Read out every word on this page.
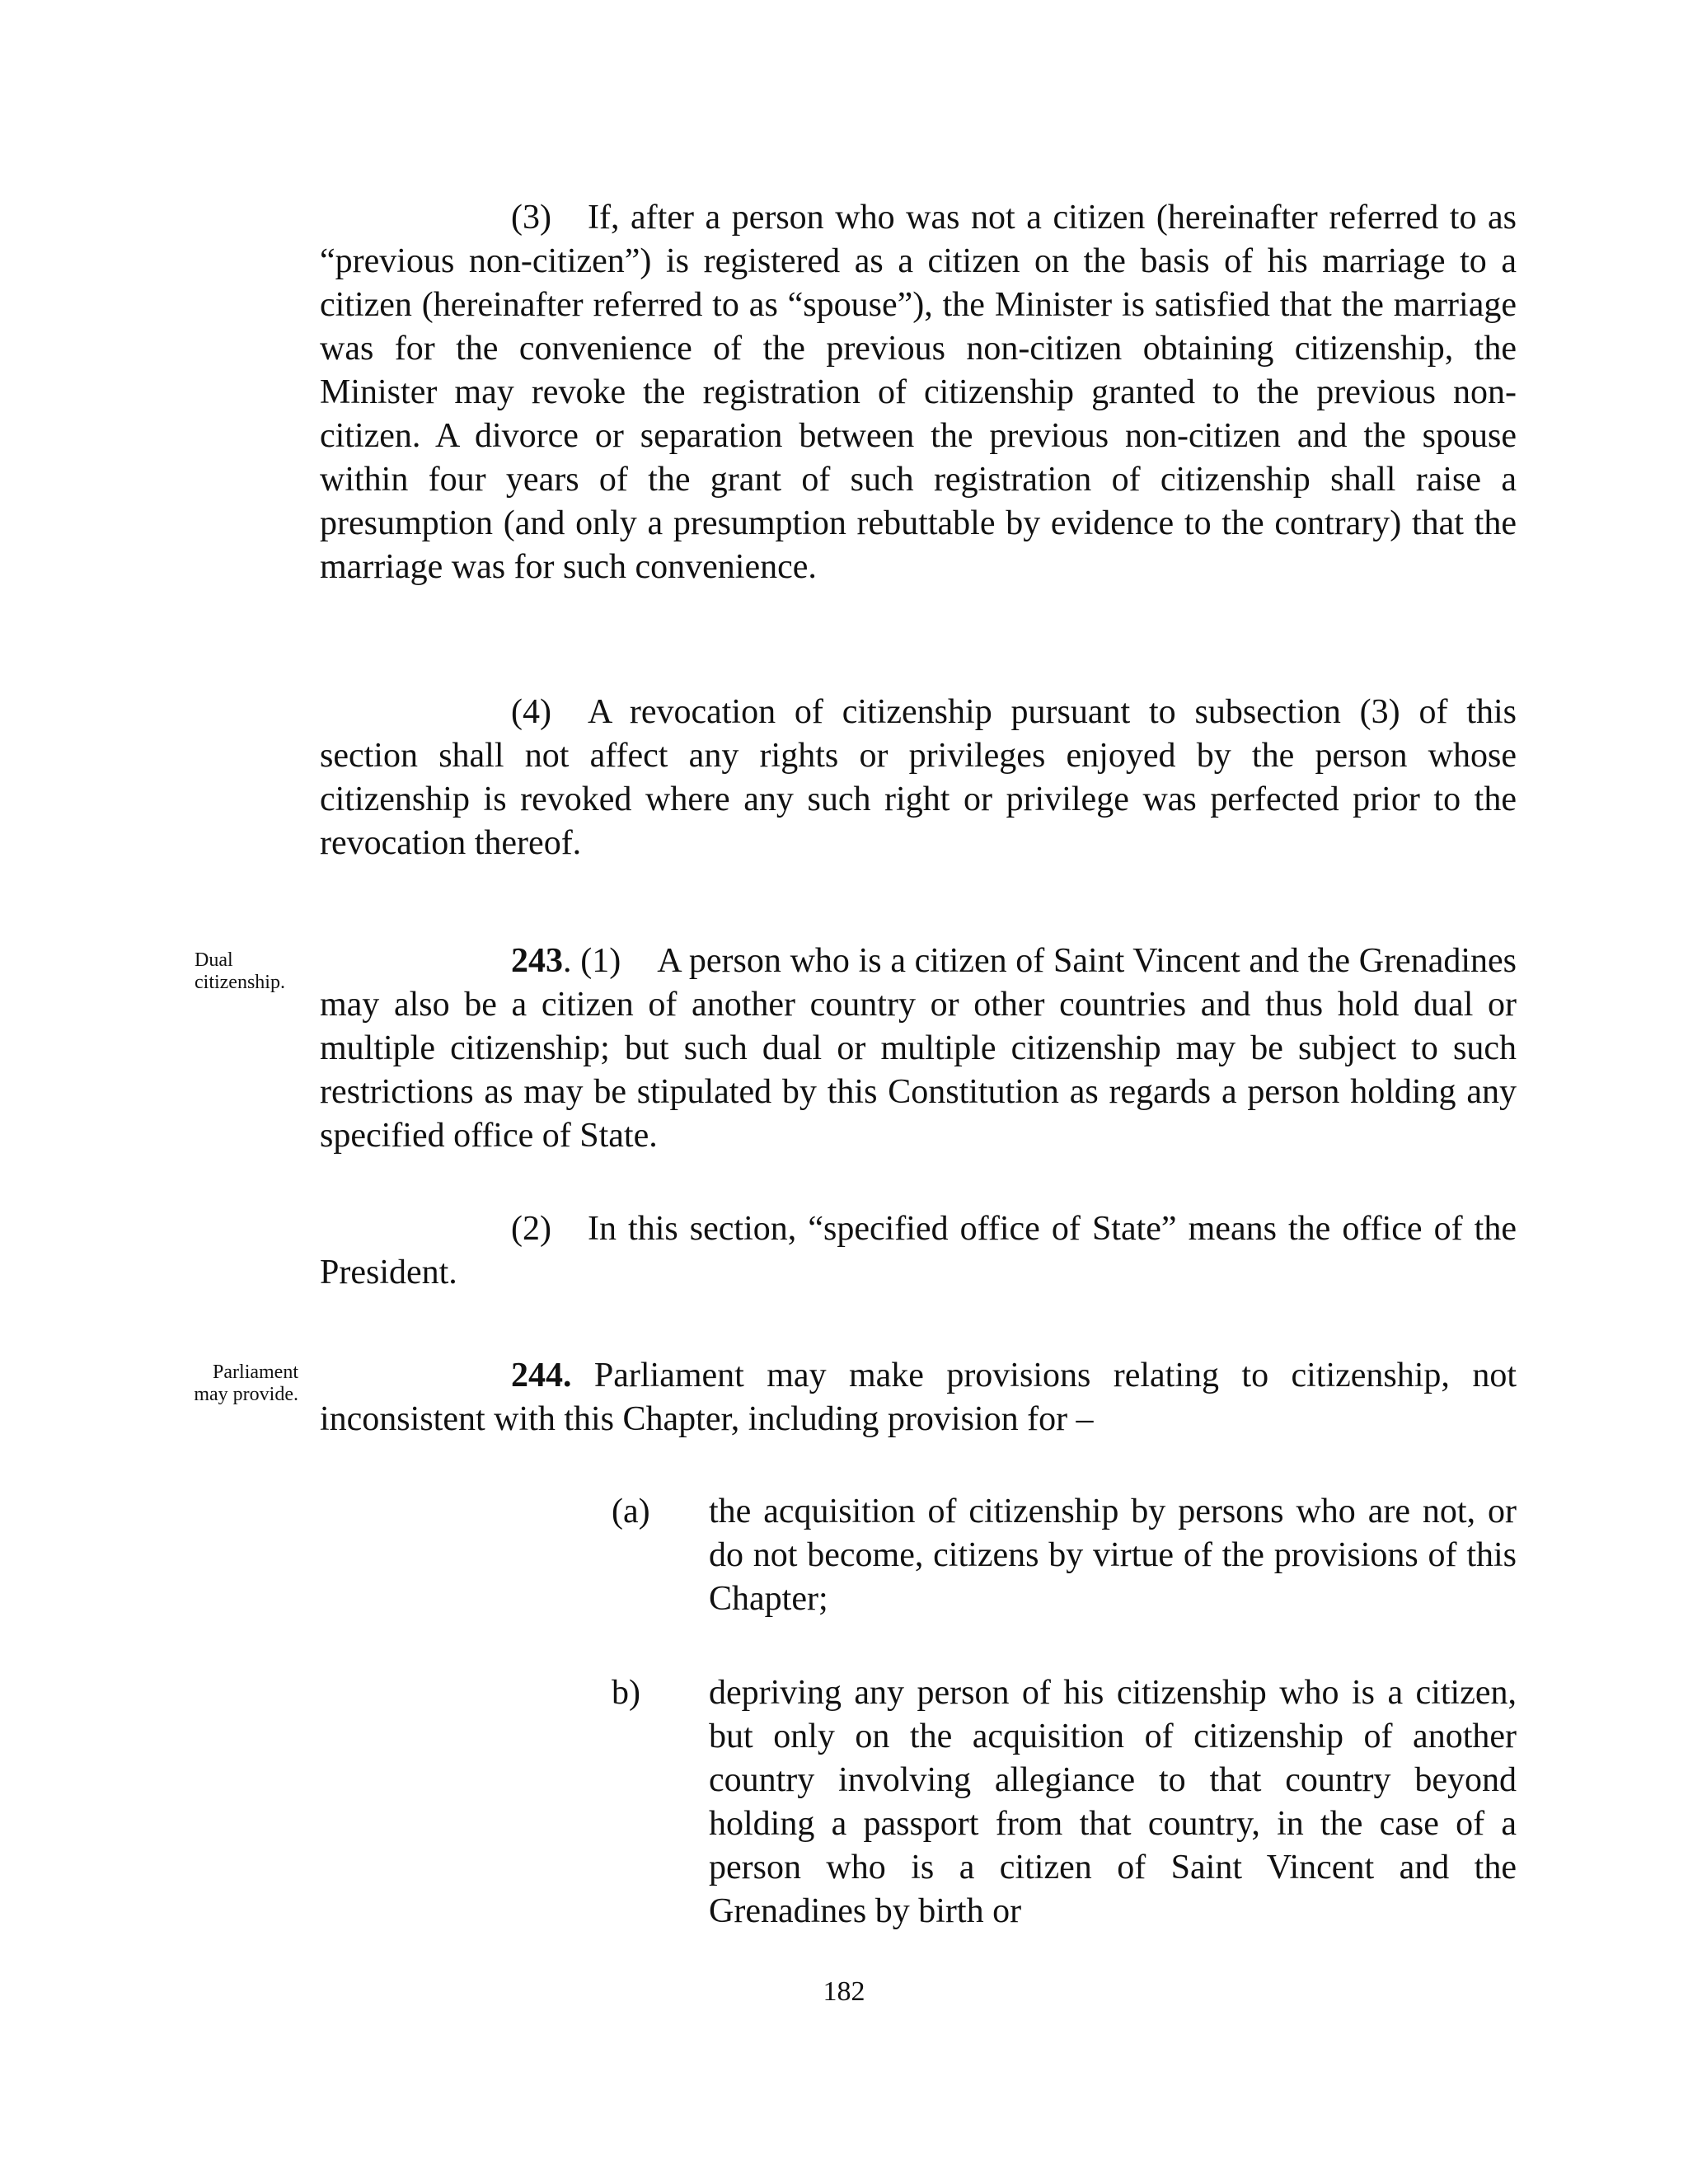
(3) If, after a person who was not a citizen (hereinafter referred to as “previous non-citizen”) is registered as a citizen on the basis of his marriage to a citizen (hereinafter referred to as “spouse”), the Minister is satisfied that the marriage was for the convenience of the previous non-citizen obtaining citizenship, the Minister may revoke the registration of citizenship granted to the previous non-citizen. A divorce or separation between the previous non-citizen and the spouse within four years of the grant of such registration of citizenship shall raise a presumption (and only a presumption rebuttable by evidence to the contrary) that the marriage was for such convenience.
(4) A revocation of citizenship pursuant to subsection (3) of this section shall not affect any rights or privileges enjoyed by the person whose citizenship is revoked where any such right or privilege was perfected prior to the revocation thereof.
Dual citizenship.
243. (1) A person who is a citizen of Saint Vincent and the Grenadines may also be a citizen of another country or other countries and thus hold dual or multiple citizenship; but such dual or multiple citizenship may be subject to such restrictions as may be stipulated by this Constitution as regards a person holding any specified office of State.
(2) In this section, “specified office of State” means the office of the President.
Parliament may provide.	244. Parliament may make provisions relating to citizenship, not inconsistent with this Chapter, including provision for –
(a) the acquisition of citizenship by persons who are not, or do not become, citizens by virtue of the provisions of this Chapter;
b) depriving any person of his citizenship who is a citizen, but only on the acquisition of citizenship of another country involving allegiance to that country beyond holding a passport from that country, in the case of a person who is a citizen of Saint Vincent and the Grenadines by birth or
182
